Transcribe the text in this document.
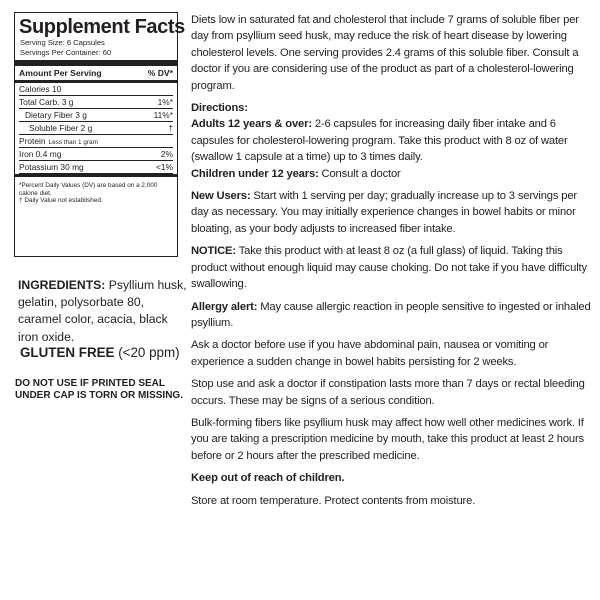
Supplement Facts
Serving Size: 6 Capsules
Servings Per Container: 60
Amount Per Serving	% DV*
Calories 10
Total Carb. 3 g	1%*
Dietary Fiber 3 g	11%*
Soluble Fiber 2 g	†
Protein Less than 1 gram
Iron 0.4 mg	2%
Potassium 30 mg	<1%
*Percent Daily Values (DV) are based on a 2,000 calorie diet.
† Daily Value not established.
INGREDIENTS: Psyllium husk, gelatin, polysorbate 80, caramel color, acacia, black iron oxide.
GLUTEN FREE (<20 ppm)
DO NOT USE IF PRINTED SEAL UNDER CAP IS TORN OR MISSING.

Diets low in saturated fat and cholesterol that include 7 grams of soluble fiber per day from psyllium seed husk, may reduce the risk of heart disease by lowering cholesterol levels. One serving provides 2.4 grams of this soluble fiber. Consult a doctor if you are considering use of the product as part of a cholesterol-lowering program.

Directions:
Adults 12 years & over: 2-6 capsules for increasing daily fiber intake and 6 capsules for cholesterol-lowering program. Take this product with 8 oz of water (swallow 1 capsule at a time) up to 3 times daily.

Children under 12 years: Consult a doctor

New Users: Start with 1 serving per day; gradually increase up to 3 servings per day as necessary. You may initially experience changes in bowel habits or minor bloating, as your body adjusts to increased fiber intake.

NOTICE: Take this product with at least 8 oz (a full glass) of liquid. Taking this product without enough liquid may cause choking. Do not take if you have difficulty swallowing.

Allergy alert: May cause allergic reaction in people sensitive to ingested or inhaled psyllium.

Ask a doctor before use if you have abdominal pain, nausea or vomiting or experience a sudden change in bowel habits persisting for 2 weeks.

Stop use and ask a doctor if constipation lasts more than 7 days or rectal bleeding occurs. These may be signs of a serious condition.

Bulk-forming fibers like psyllium husk may affect how well other medicines work. If you are taking a prescription medicine by mouth, take this product at least 2 hours before or 2 hours after the prescribed medicine.

Keep out of reach of children.

Store at room temperature. Protect contents from moisture.
